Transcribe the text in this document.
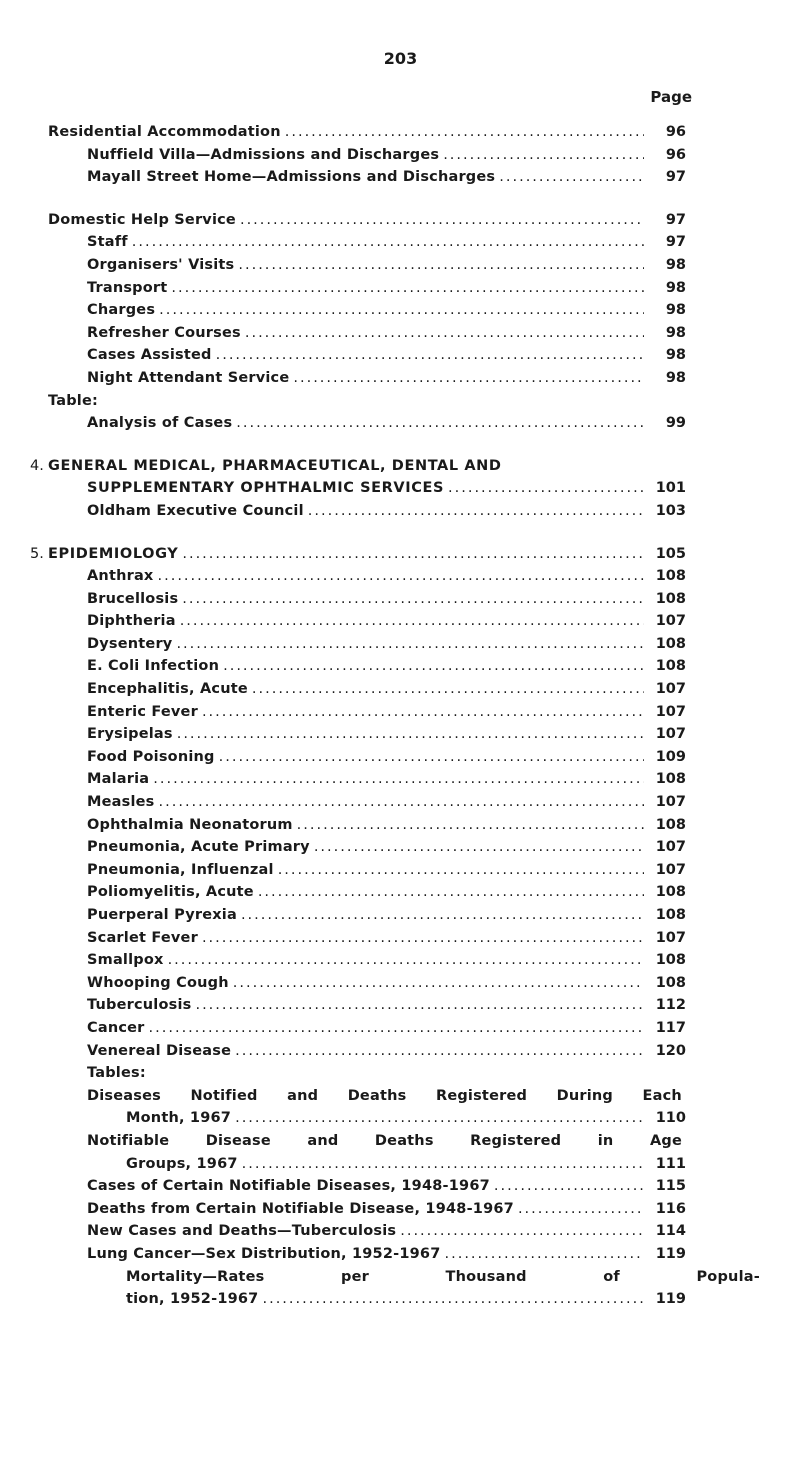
203
Page
Residential Accommodation .....	96
Nuffield Villa—Admissions and Discharges .....	96
Mayall Street Home—Admissions and Discharges .....	97
Domestic Help Service .....	97
Staff .....	97
Organisers' Visits .....	98
Transport .....	98
Charges .....	98
Refresher Courses .....	98
Cases Assisted .....	98
Night Attendant Service .....	98
Table:
Analysis of Cases .....	99
4. GENERAL MEDICAL, PHARMACEUTICAL, DENTAL AND
SUPPLEMENTARY OPHTHALMIC SERVICES .....	101
Oldham Executive Council .....	103
5. EPIDEMIOLOGY .....	105
Anthrax .....	108
Brucellosis .....	108
Diphtheria .....	107
Dysentery .....	108
E. Coli Infection .....	108
Encephalitis, Acute .....	107
Enteric Fever .....	107
Erysipelas .....	107
Food Poisoning .....	109
Malaria .....	108
Measles .....	107
Ophthalmia Neonatorum .....	108
Pneumonia, Acute Primary .....	107
Pneumonia, Influenzal .....	107
Poliomyelitis, Acute .....	108
Puerperal Pyrexia .....	108
Scarlet Fever .....	107
Smallpox .....	108
Whooping Cough .....	108
Tuberculosis .....	112
Cancer .....	117
Venereal Disease .....	120
Tables:
Diseases Notified and Deaths Registered During Each
Month, 1967 .....	110
Notifiable	Disease	and	Deaths	Registered	in	Age
Groups, 1967 .....	111
Cases of Certain Notifiable Diseases, 1948-1967 .....	115
Deaths from Certain Notifiable Disease, 1948-1967 .....	116
New Cases and Deaths—Tuberculosis .....	114
Lung Cancer—Sex Distribution, 1952-1967 .....	119
Mortality—Rates	per	Thousand	of	Popula-
tion, 1952-1967 .....	119
